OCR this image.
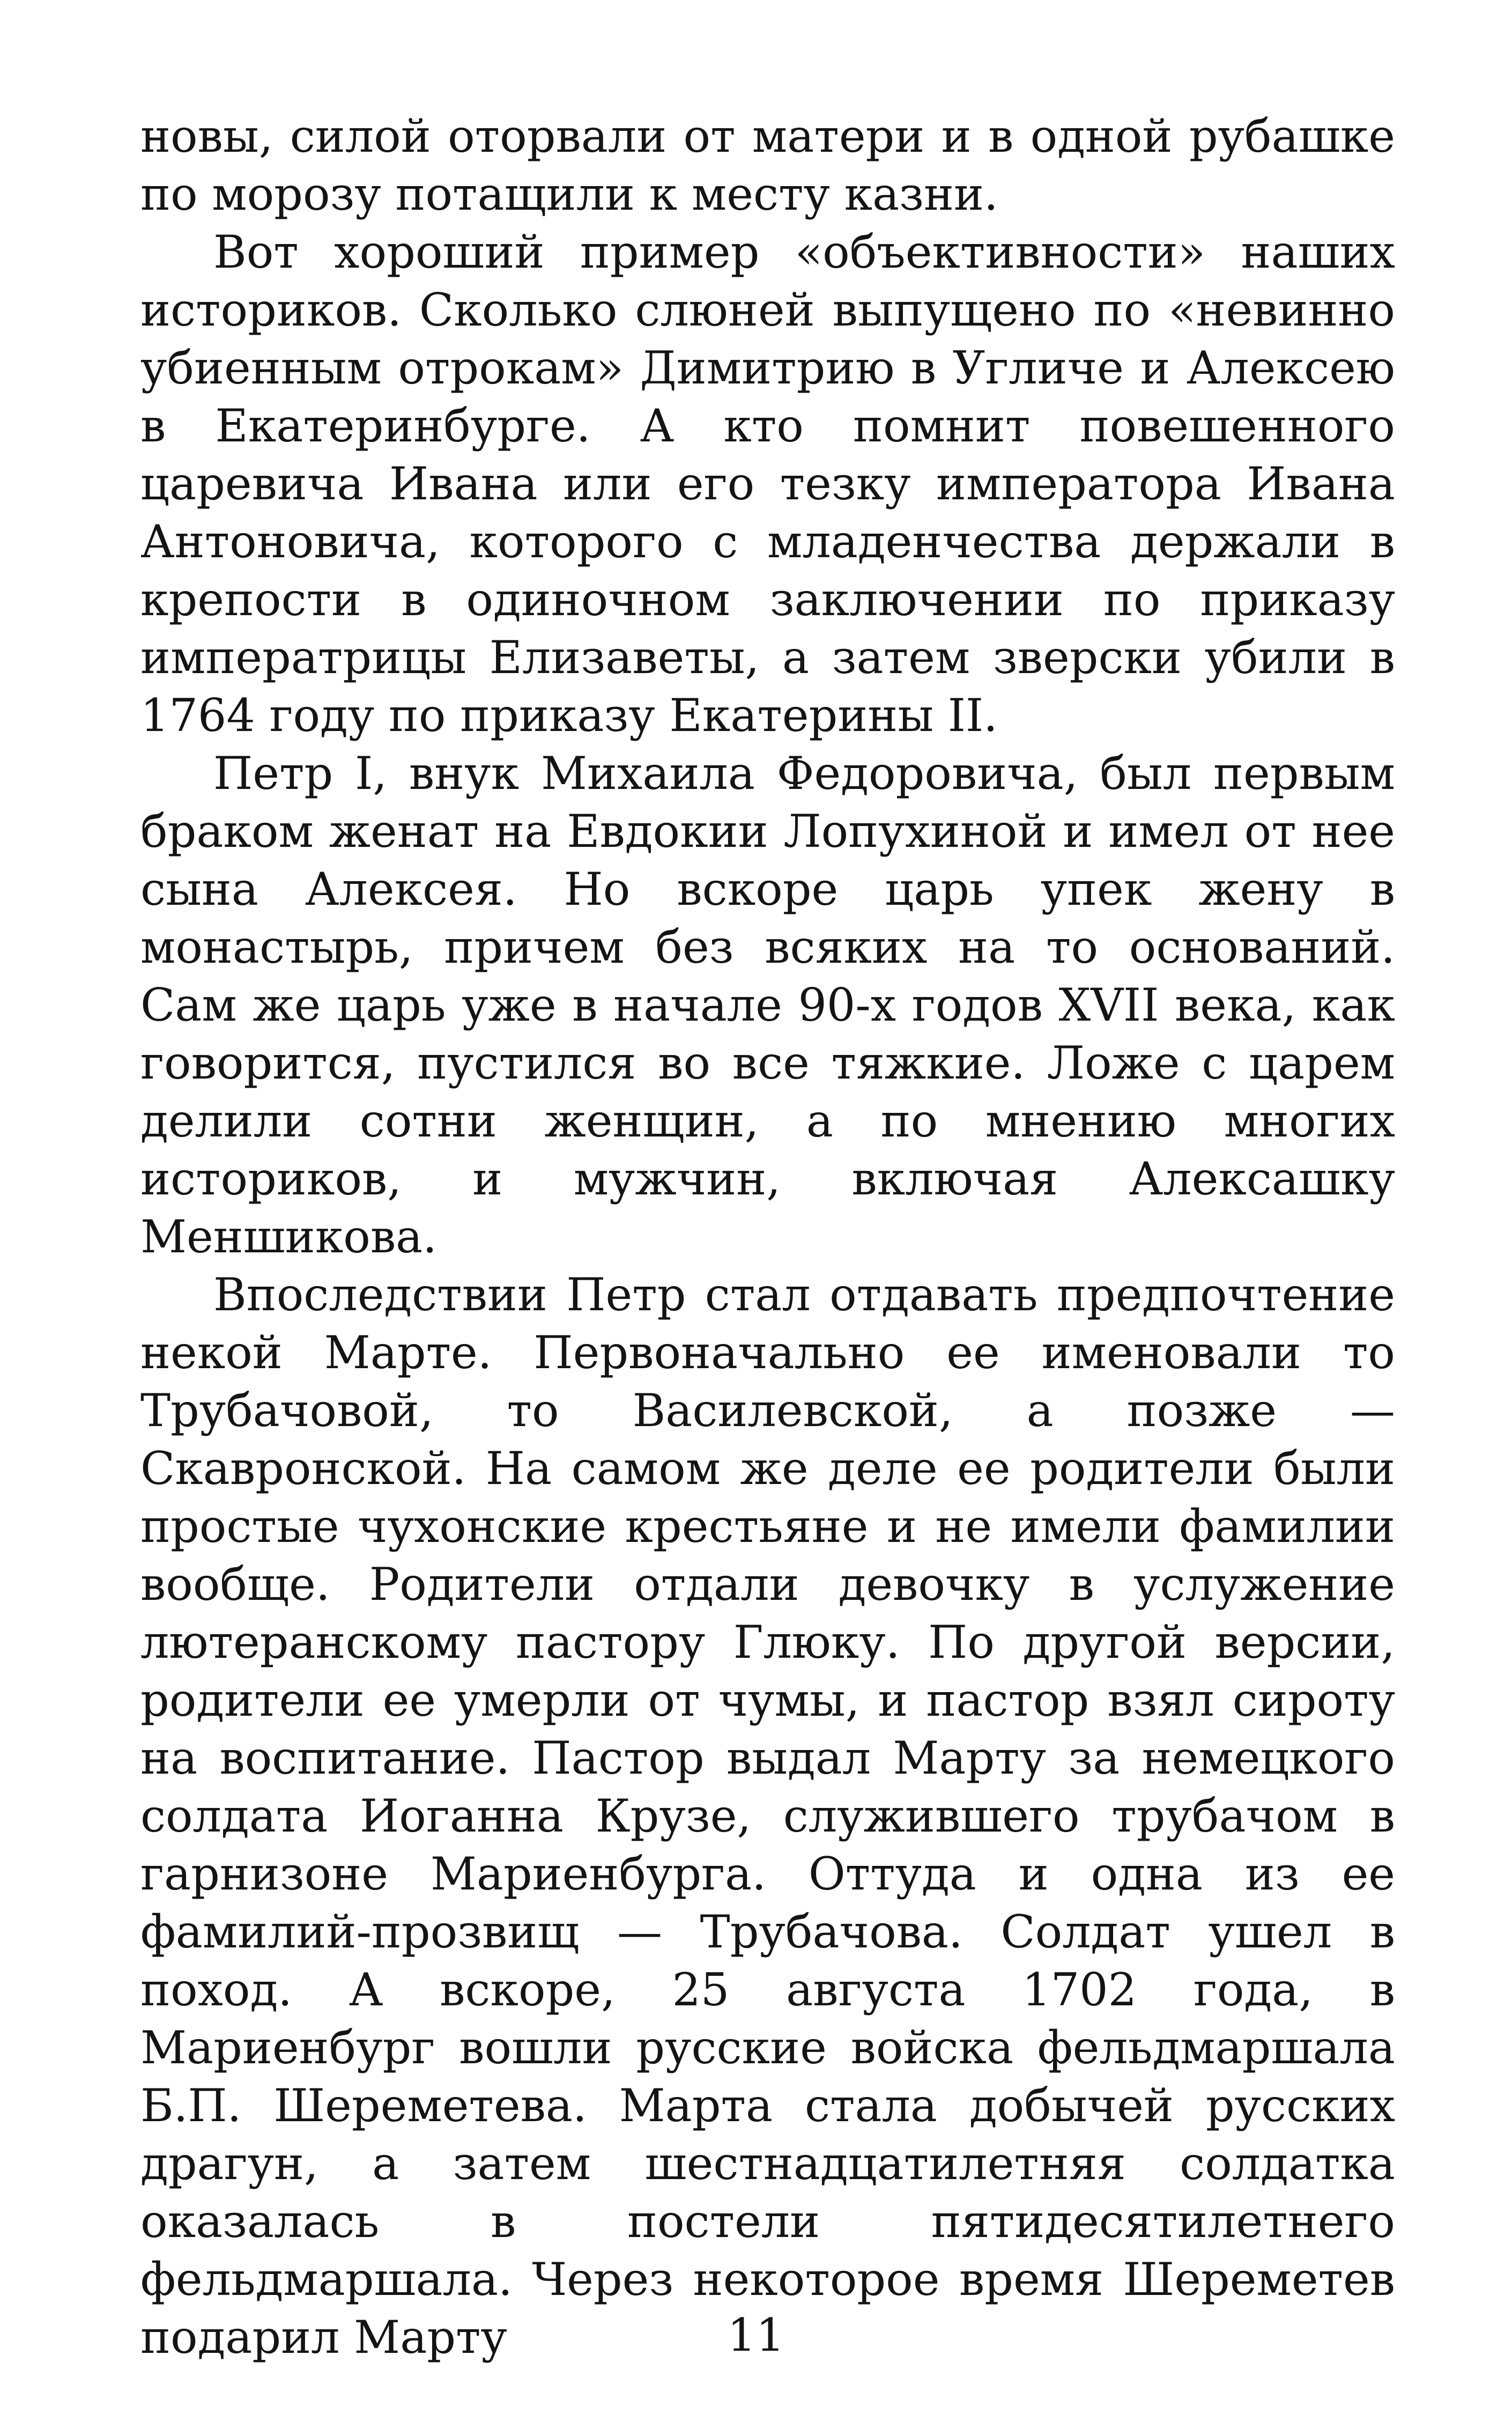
новы, силой оторвали от матери и в одной рубашке по морозу потащили к месту казни.

Вот хороший пример «объективности» наших историков. Сколько слюней выпущено по «невинно убиенным отрокам» Димитрию в Угличе и Алексею в Екатеринбурге. А кто помнит повешенного царевича Ивана или его тезку императора Ивана Антоновича, которого с младенчества держали в крепости в одиночном заключении по приказу императрицы Елизаветы, а затем зверски убили в 1764 году по приказу Екатерины II.

Петр I, внук Михаила Федоровича, был первым браком женат на Евдокии Лопухиной и имел от нее сына Алексея. Но вскоре царь упек жену в монастырь, причем без всяких на то оснований. Сам же царь уже в начале 90-х годов XVII века, как говорится, пустился во все тяжкие. Ложе с царем делили сотни женщин, а по мнению многих историков, и мужчин, включая Алексашку Меншикова.

Впоследствии Петр стал отдавать предпочтение некой Марте. Первоначально ее именовали то Трубачовой, то Василевской, а позже — Скавронской. На самом же деле ее родители были простые чухонские крестьяне и не имели фамилии вообще. Родители отдали девочку в услужение лютеранскому пастору Глюку. По другой версии, родители ее умерли от чумы, и пастор взял сироту на воспитание. Пастор выдал Марту за немецкого солдата Иоганна Крузе, служившего трубачом в гарнизоне Мариенбурга. Оттуда и одна из ее фамилий-прозвищ — Трубачова. Солдат ушел в поход. А вскоре, 25 августа 1702 года, в Мариенбург вошли русские войска фельдмаршала Б.П. Шереметева. Марта стала добычей русских драгун, а затем шестнадцатилетняя солдатка оказалась в постели пятидесятилетнего фельдмаршала. Через некоторое время Шереметев подарил Марту	11
